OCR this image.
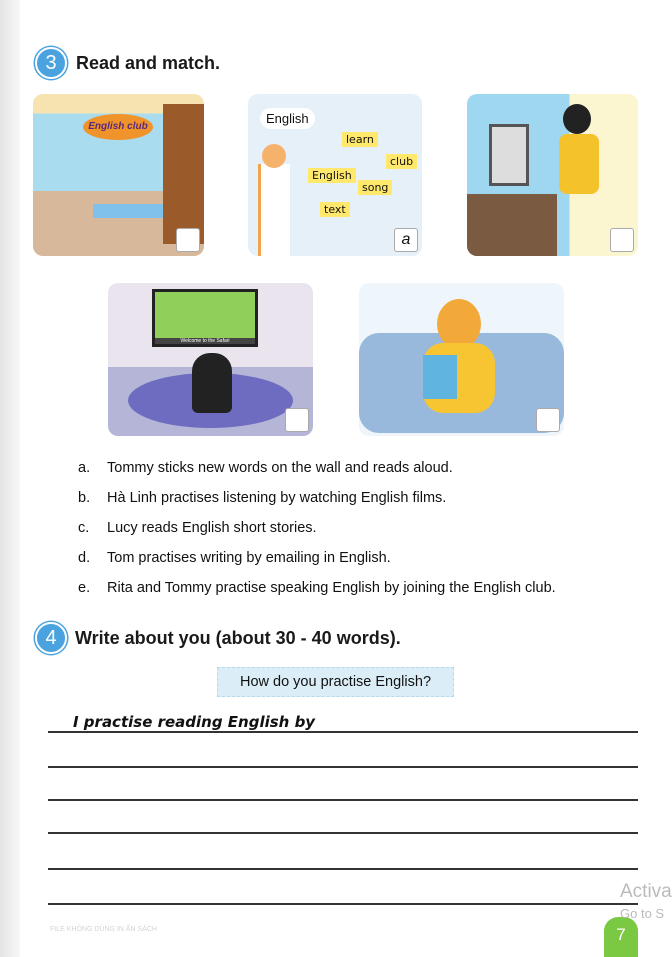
3	Read and match.
English club
English
learn
club
English
song
text
a
Welcome to the Safari
a. Tommy sticks new words on the wall and reads aloud.
b. Hà Linh practises listening by watching English films.
c. Lucy reads English short stories.
d. Tom practises writing by emailing in English.
e. Rita and Tommy practise speaking English by joining the English club.
4	Write about you (about 30 - 40 words).
How do you practise English?
I practise reading English by
FILE KHÔNG DÙNG IN ẤN SÁCH	7
Activa
Go to S
